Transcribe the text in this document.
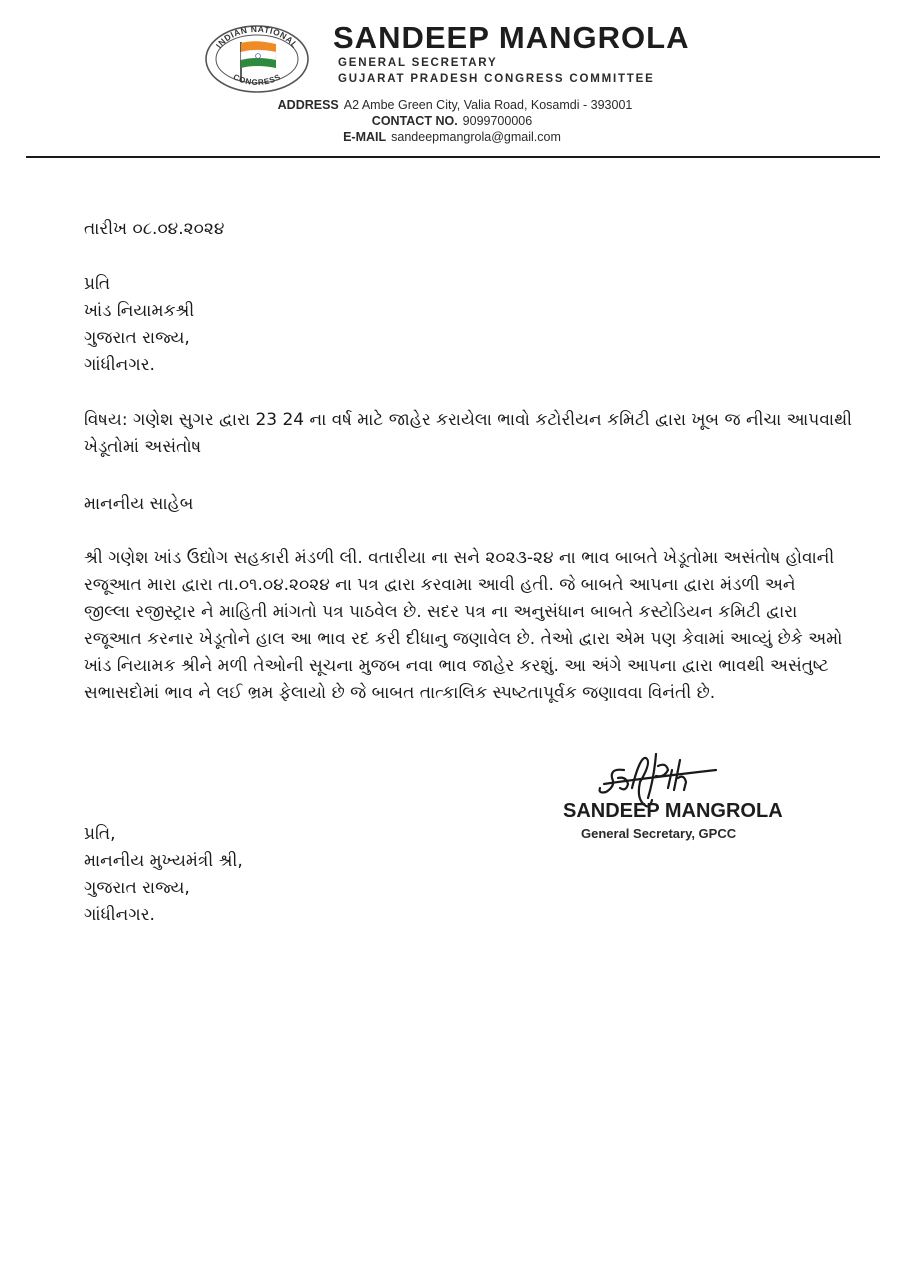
INDIAN NATIONAL
CONGRESS
SANDEEP MANGROLA
GENERAL SECRETARY
GUJARAT PRADESH CONGRESS COMMITTEE
ADDRESS A2 Ambe Green City, Valia Road, Kosamdi - 393001
CONTACT NO. 9099700006
E-MAIL sandeepmangrola@gmail.com
તારીખ ૦૮.૦૪.૨૦૨૪
પ્રતિ
ખાંડ નિયામકશ્રી
ગુજરાત રાજ્ય,
ગાંધીનગર.
વિષય: ગણેશ સુગર દ્વારા 23 24 ના વર્ષ માટે જાહેર કરાયેલા ભાવો કટોરીયન કમિટી દ્વારા ખૂબ જ નીચા આપવાથી
ખેડૂતોમાં અસંતોષ
માનનીય સાહેબ
શ્રી ગણેશ ખાંડ ઉદ્યોગ સહકારી મંડળી લી. વતારીયા ના સને ૨૦૨૩-૨૪ ના ભાવ બાબતે ખેડૂતોમા અસંતોષ હોવાની
રજૂઆત મારા દ્વારા તા.૦૧.૦૪.૨૦૨૪ ના પત્ર દ્વારા કરવામા આવી હતી. જે બાબતે આપના દ્વારા મંડળી અને
જીલ્લા રજીસ્ટ્રાર ને માહિતી માંગતો પત્ર પાઠવેલ છે. સદર પત્ર ના અનુસંધાન બાબતે કસ્ટોડિયન કમિટી દ્વારા
રજૂઆત કરનાર ખેડૂતોને હાલ આ ભાવ રદ કરી દીધાનુ જણાવેલ છે. તેઓ દ્વારા એમ પણ કેવામાં આવ્યું છેકે અમો
ખાંડ નિયામક શ્રીને મળી તેઓની સૂચના મુજબ નવા ભાવ જાહેર કરશું. આ અંગે આપના દ્વારા ભાવથી અસંતુષ્ટ
સભાસદોમાં ભાવ ને લઈ ભ્રમ ફેલાયો છે જે બાબત તાત્કાલિક સ્પષ્ટતાપૂર્વક જણાવવા વિનંતી છે.
SANDEEP MANGROLA
General Secretary, GPCC
પ્રતિ,
માનનીય મુખ્યમંત્રી શ્રી,
ગુજરાત રાજ્ય,
ગાંધીનગર.
